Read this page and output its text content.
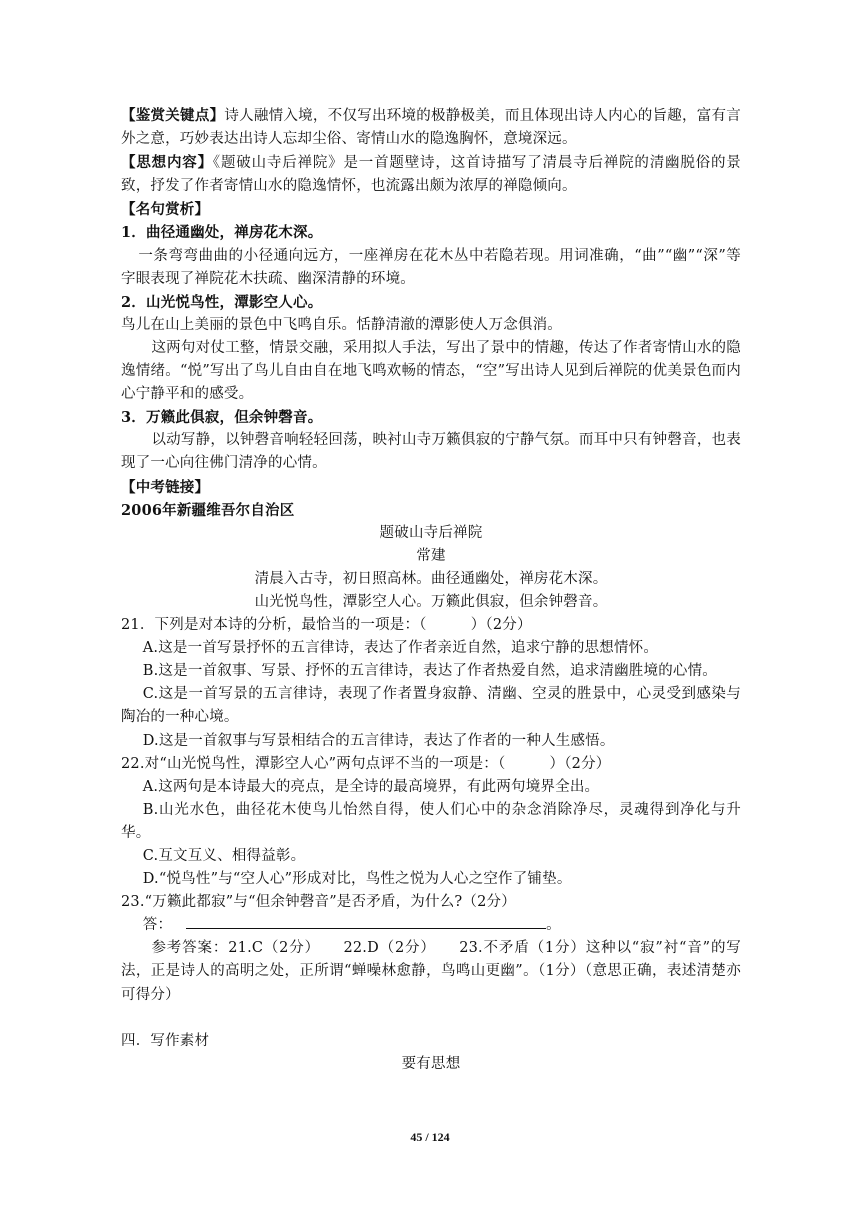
【鉴赏关键点】诗人融情入境，不仅写出环境的极静极美，而且体现出诗人内心的旨趣，富有言外之意，巧妙表达出诗人忘却尘俗、寄情山水的隐逸胸怀，意境深远。

【思想内容】《题破山寺后禅院》是一首题壁诗，这首诗描写了清晨寺后禅院的清幽脱俗的景致，抒发了作者寄情山水的隐逸情怀，也流露出颇为浓厚的禅隐倾向。

【名句赏析】

1．曲径通幽处，禅房花木深。

一条弯弯曲曲的小径通向远方，一座禅房在花木丛中若隐若现。用词准确，“曲”“幽”“深”等字眼表现了禅院花木扶疏、幽深清静的环境。

2．山光悦鸟性，潭影空人心。

鸟儿在山上美丽的景色中飞鸣自乐。恬静清澈的潭影使人万念俱消。

这两句对仗工整，情景交融，采用拟人手法，写出了景中的情趣，传达了作者寄情山水的隐逸情绪。“悦”写出了鸟儿自由自在地飞鸣欢畅的情态，“空”写出诗人见到后禅院的优美景色而内心宁静平和的感受。

3．万籁此俱寂，但余钟磬音。

以动写静，以钟磬音响轻轻回荡，映衬山寺万籁俱寂的宁静气氛。而耳中只有钟磬音，也表现了一心向往佛门清净的心情。

【中考链接】

2006年新疆维吾尔自治区

题破山寺后禅院

常建

清晨入古寺，初日照高林。曲径通幽处，禅房花木深。

山光悦鸟性，潭影空人心。万籁此俱寂，但余钟磬音。

21．下列是对本诗的分析，最恰当的一项是：（　　　）（2分）

A.这是一首写景抒怀的五言律诗，表达了作者亲近自然，追求宁静的思想情怀。

B.这是一首叙事、写景、抒怀的五言律诗，表达了作者热爱自然，追求清幽胜境的心情。

C.这是一首写景的五言律诗，表现了作者置身寂静、清幽、空灵的胜景中，心灵受到感染与陶冶的一种心境。

D.这是一首叙事与写景相结合的五言律诗，表达了作者的一种人生感悟。

22.对“山光悦鸟性，潭影空人心”两句点评不当的一项是：（　　　）（2分）

A.这两句是本诗最大的亮点，是全诗的最高境界，有此两句境界全出。

B.山光水色，曲径花木使鸟儿怡然自得，使人们心中的杂念消除净尽，灵魂得到净化与升华。

C.互文互义、相得益彰。

D.“悦鸟性”与“空人心”形成对比，鸟性之悦为人心之空作了铺垫。

23.“万籁此都寂”与“但余钟磬音”是否矛盾，为什么?（2分）

答：	。

参考答案：21.C（2分）　　22.D（2分）　　23.不矛盾（1分）这种以“寂”衬“音”的写法，正是诗人的高明之处，正所谓“蝉噪林愈静，鸟鸣山更幽”。（1分）（意思正确，表述清楚亦可得分）

四．写作素材

要有思想

45 / 124
